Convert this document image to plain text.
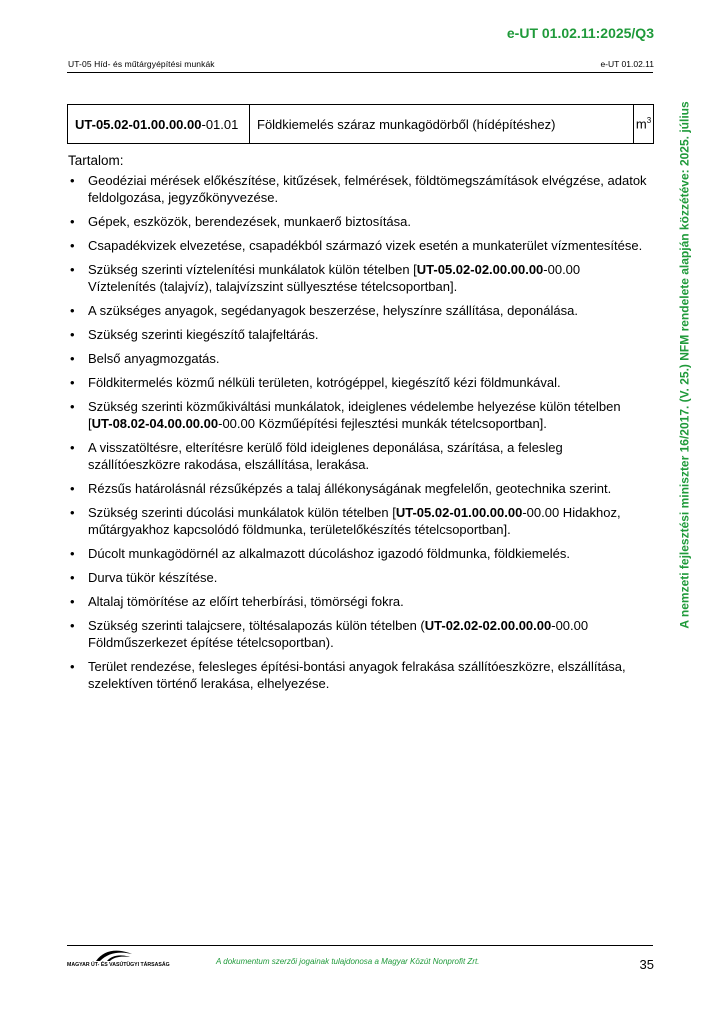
e-UT 01.02.11:2025/Q3
UT-05 Híd- és műtárgyépítési munkák	e-UT 01.02.11
A nemzeti fejlesztési miniszter 16/2017. (V. 25.) NFM rendelete alapján közzétéve: 2025. július
UT-05.02-01.00.00.00-01.01	Földkiemelés száraz munkagödörből (hídépítéshez)	$m^3$
Tartalom:
• Geodéziai mérések előkészítése, kitűzések, felmérések, földtömegszámítások elvégzése, adatok feldolgozása, jegyzőkönyvezése.
• Gépek, eszközök, berendezések, munkaerő biztosítása.
• Csapadékvizek elvezetése, csapadékból származó vizek esetén a munkaterület vízmentesítése.
• Szükség szerinti víztelenítési munkálatok külön tételben [UT-05.02-02.00.00.00-00.00 Víztelenítés (talajvíz), talajvízszint süllyesztése tételcsoportban].
• A szükséges anyagok, segédanyagok beszerzése, helyszínre szállítása, deponálása.
• Szükség szerinti kiegészítő talajfeltárás.
• Belső anyagmozgatás.
• Földkitermelés közmű nélküli területen, kotrógéppel, kiegészítő kézi földmunkával.
• Szükség szerinti közműkiváltási munkálatok, ideiglenes védelembe helyezése külön tételben [UT-08.02-04.00.00.00-00.00 Közműépítési fejlesztési munkák tételcsoportban].
• A visszatöltésre, elterítésre kerülő föld ideiglenes deponálása, szárítása, a felesleg szállítóeszközre rakodása, elszállítása, lerakása.
• Rézsűs határolásnál rézsűképzés a talaj állékonyságának megfelelőn, geotechnika szerint.
• Szükség szerinti dúcolási munkálatok külön tételben [UT-05.02-01.00.00.00-00.00 Hidakhoz, műtárgyakhoz kapcsolódó földmunka, területelőkészítés tételcsoportban].
• Dúcolt munkagödörnél az alkalmazott dúcoláshoz igazodó földmunka, földkiemelés.
• Durva tükör készítése.
• Altalaj tömörítése az előírt teherbírási, tömörségi fokra.
• Szükség szerinti talajcsere, töltésalapozás külön tételben (UT-02.02-02.00.00.00-00.00 Földműszerkezet építése tételcsoportban).
• Terület rendezése, felesleges építési-bontási anyagok felrakása szállítóeszközre, elszállítása, szelektíven történő lerakása, elhelyezése.
MAGYAR ÚT- ÉS VASÚTÜGYI TÁRSASÁG	A dokumentum szerzői jogainak tulajdonosa a Magyar Közút Nonprofit Zrt.	35
